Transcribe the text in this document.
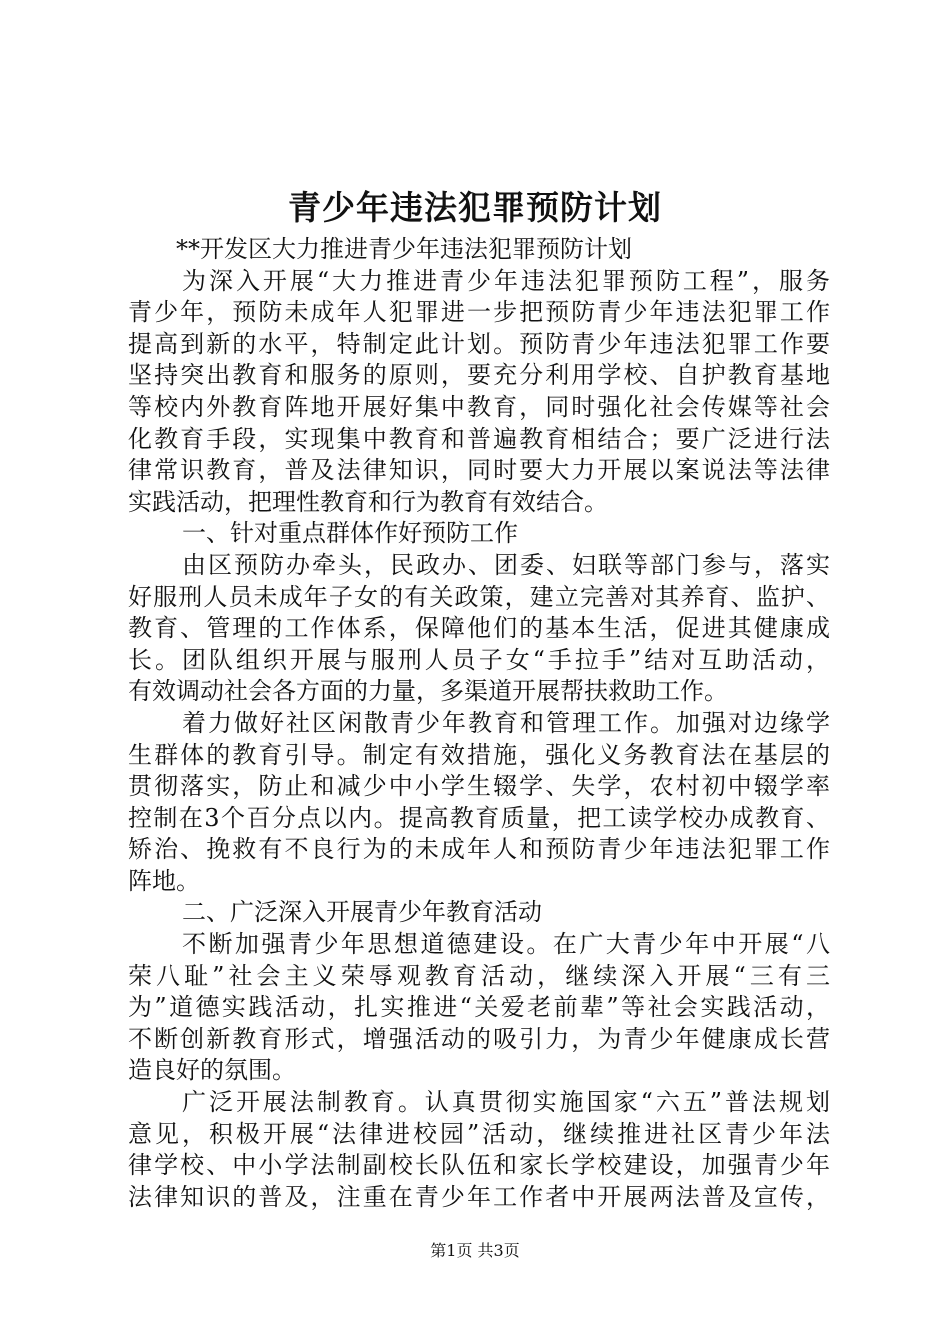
青少年违法犯罪预防计划
**开发区大力推进青少年违法犯罪预防计划
为深入开展“大力推进青少年违法犯罪预防工程”，服务
青少年，预防未成年人犯罪进一步把预防青少年违法犯罪工作
提高到新的水平，特制定此计划。预防青少年违法犯罪工作要
坚持突出教育和服务的原则，要充分利用学校、自护教育基地
等校内外教育阵地开展好集中教育，同时强化社会传媒等社会
化教育手段，实现集中教育和普遍教育相结合；要广泛进行法
律常识教育，普及法律知识，同时要大力开展以案说法等法律
实践活动，把理性教育和行为教育有效结合。
一、针对重点群体作好预防工作
由区预防办牵头，民政办、团委、妇联等部门参与，落实
好服刑人员未成年子女的有关政策，建立完善对其养育、监护、
教育、管理的工作体系，保障他们的基本生活，促进其健康成
长。团队组织开展与服刑人员子女“手拉手”结对互助活动，
有效调动社会各方面的力量，多渠道开展帮扶救助工作。
着力做好社区闲散青少年教育和管理工作。加强对边缘学
生群体的教育引导。制定有效措施，强化义务教育法在基层的
贯彻落实，防止和减少中小学生辍学、失学，农村初中辍学率
控制在3个百分点以内。提高教育质量，把工读学校办成教育、
矫治、挽救有不良行为的未成年人和预防青少年违法犯罪工作
阵地。
二、广泛深入开展青少年教育活动
不断加强青少年思想道德建设。在广大青少年中开展“八
荣八耻”社会主义荣辱观教育活动，继续深入开展“三有三
为”道德实践活动，扎实推进“关爱老前辈”等社会实践活动，
不断创新教育形式，增强活动的吸引力，为青少年健康成长营
造良好的氛围。
广泛开展法制教育。认真贯彻实施国家“六五”普法规划
意见，积极开展“法律进校园”活动，继续推进社区青少年法
律学校、中小学法制副校长队伍和家长学校建设，加强青少年
法律知识的普及，注重在青少年工作者中开展两法普及宣传，
第1页 共3页
